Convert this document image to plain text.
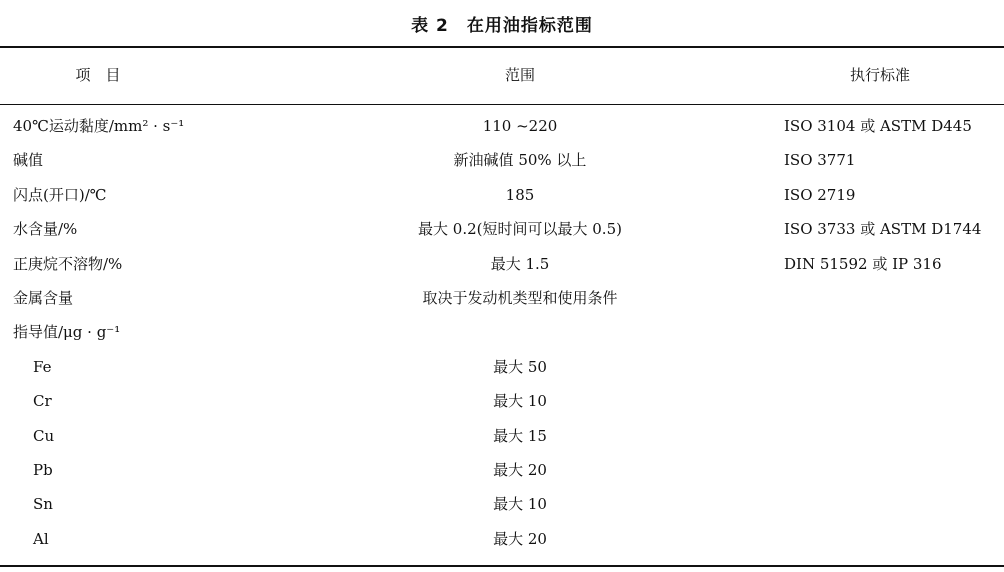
表 2　在用油指标范围
项　目	范围	执行标准
40℃运动黏度/mm² · s⁻¹	110 ~220	ISO 3104 或 ASTM D445
碱值	新油碱值 50% 以上	ISO 3771
闪点(开口)/℃	185	ISO 2719
水含量/%	最大 0.2(短时间可以最大 0.5)	ISO 3733 或 ASTM D1744
正庚烷不溶物/%	最大 1.5	DIN 51592 或 IP 316
金属含量	取决于发动机类型和使用条件
指导值/μg · g⁻¹
Fe	最大 50
Cr	最大 10
Cu	最大 15
Pb	最大 20
Sn	最大 10
Al	最大 20
